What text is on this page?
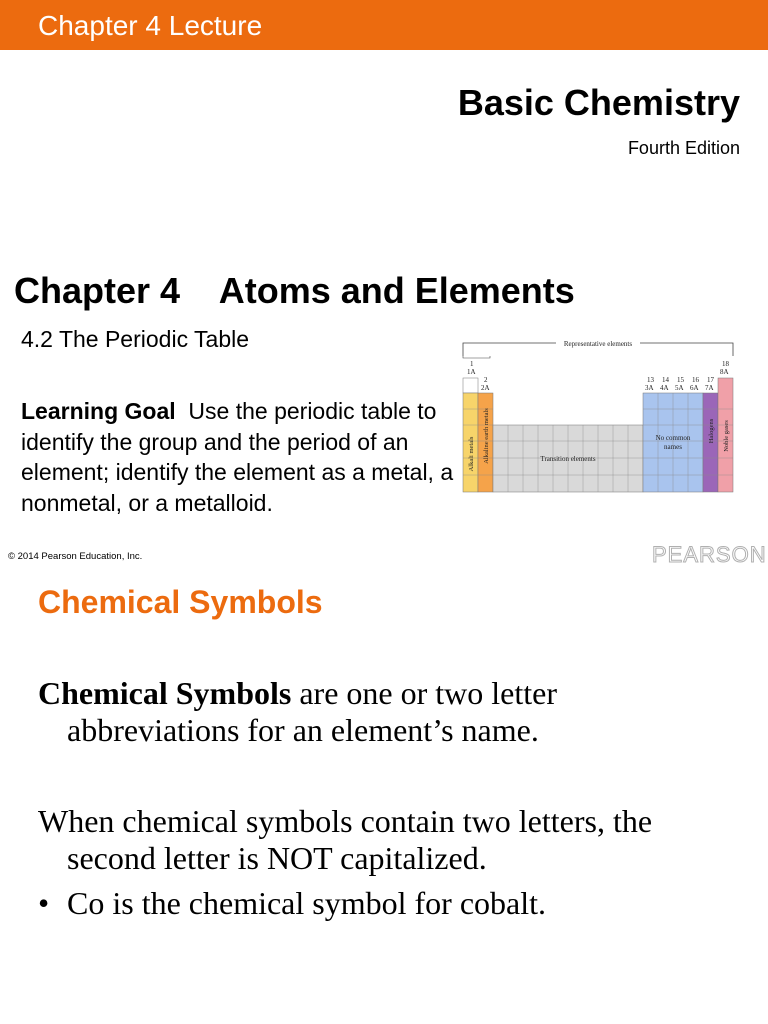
Chapter 4 Lecture
Basic Chemistry
Fourth Edition
Chapter 4    Atoms and Elements
4.2 The Periodic Table
Learning Goal Use the periodic table to identify the group and the period of an element; identify the element as a metal, a nonmetal, or a metalloid.
Representative elements
1
1A
2
2A
13 14 15 16 17
3A 4A 5A 6A 7A
18
8A
Transition elements
No common
names
Alkali metals Alkaline earth metals	Halogens Noble gases
© 2014 Pearson Education, Inc.	PEARSON
Chemical Symbols
Chemical Symbols are one or two letter
abbreviations for an element’s name.
When chemical symbols contain two letters, the
second letter is NOT capitalized.
• Co is the chemical symbol for cobalt.
